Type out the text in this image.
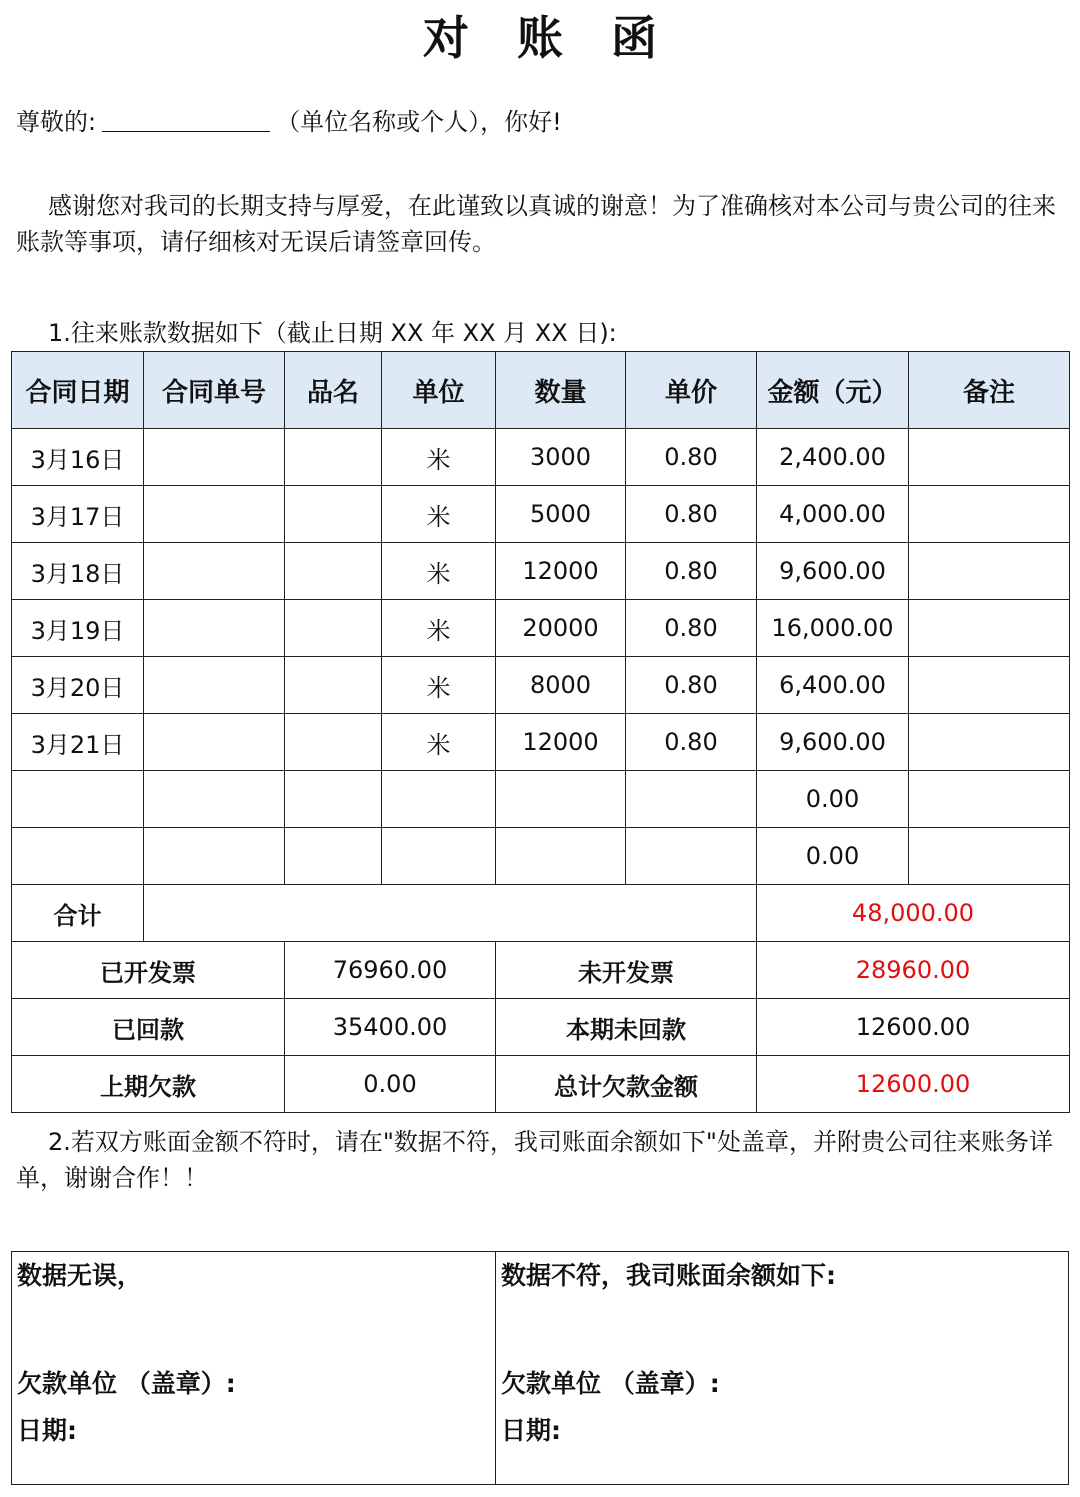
对账函
尊敬的:	（单位名称或个人），你好!
感谢您对我司的长期支持与厚爱，在此谨致以真诚的谢意！为了准确核对本公司与贵公司的往来账款等事项，请仔细核对无误后请签章回传。
1.往来账款数据如下（截止日期 XX 年 XX 月 XX 日):
合同日期	合同单号	品名	单位	数量	单价	金额（元）	备注
3月16日			米	3000	0.80	2,400.00	
3月17日			米	5000	0.80	4,000.00	
3月18日			米	12000	0.80	9,600.00	
3月19日			米	20000	0.80	16,000.00	
3月20日			米	8000	0.80	6,400.00	
3月21日			米	12000	0.80	9,600.00	
						0.00	
						0.00	
合计						48,000.00	
已开发票		76960.00		未开发票		28960.00	
已回款		35400.00		本期未回款		12600.00	
上期欠款		0.00		总计欠款金额		12600.00	
2.若双方账面金额不符时，请在"数据不符，我司账面余额如下"处盖章，并附贵公司往来账务详单，谢谢合作！！
数据无误，
欠款单位 （盖章）:
日期:
数据不符，我司账面余额如下:
欠款单位 （盖章）:
日期:
